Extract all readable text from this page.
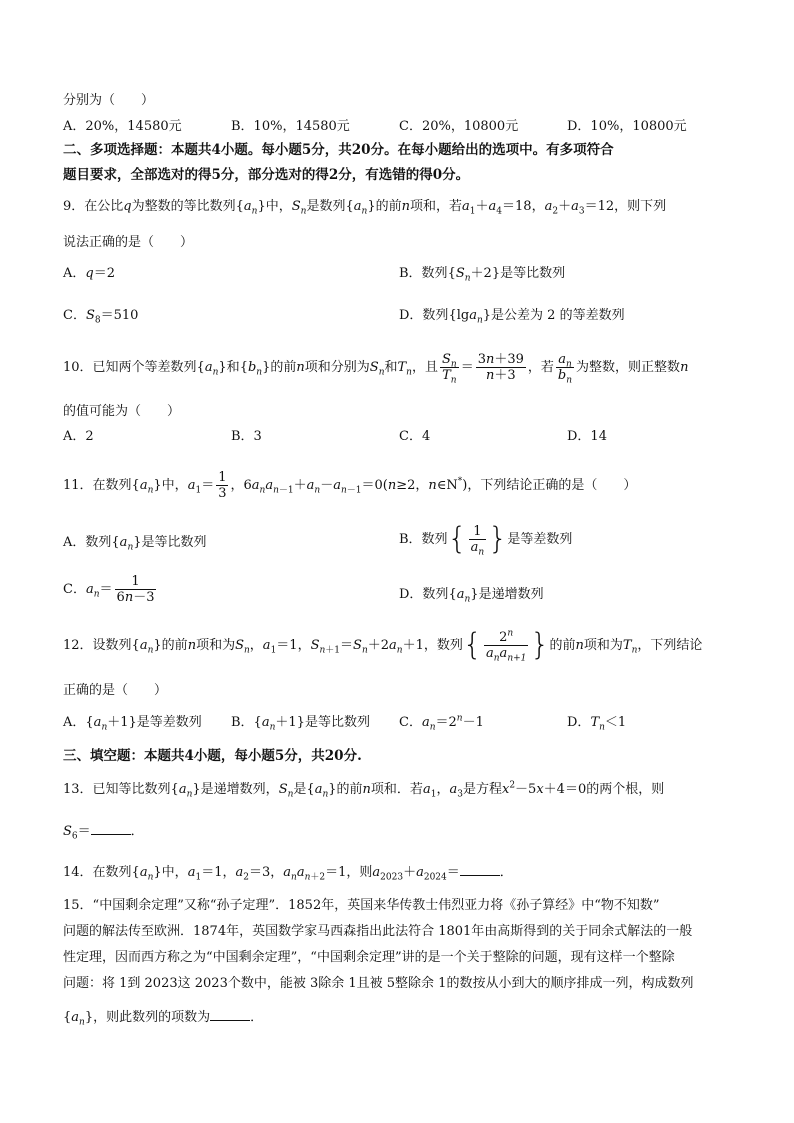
分别为（　　）
A．20%，14580元	B．10%，14580元	C．20%，10800元	D．10%，10800元
二、多项选择题：本题共4小题。每小题5分，共20分。在每小题给出的选项中。有多项符合
题目要求，全部选对的得5分，部分选对的得2分，有选错的得0分。
9．在公比q为整数的等比数列$\{a_n\}$中，$S_n$是数列$\{a_n\}$的前n项和，若$a_1+a_4=18$，$a_2+a_3=12$，则下列
说法正确的是（　　）
A．q＝2	B．数列$\{S_n+2\}$是等比数列
C．$S_8=510$	D．数列{lga$_n$}是公差为 2 的等差数列
10．已知两个等差数列$\{a_n\}$和$\{b_n\}$的前n项和分别为$S_n$和$T_n$，且 $\frac{S_n}{T_n} = \frac{3n+39}{n+3}$ ，若 $\frac{a_n}{b_n}$ 为整数，则正整数n
的值可能为（　　）
A．2	B．3	C．4	D．14
11．在数列$\{a_n\}$中，$a_1= \frac{1}{3}$ ，$6a_na_{n-1}+a_n-a_{n-1}=0(n\ge 2$，n∈N*)，下列结论正确的是（　　）
A．数列$\{a_n\}$是等比数列	B．数列{ $\frac{1}{a_n}$ }是等差数列
C．$a_n= \frac{1}{6n-3}$	D．数列$\{a_n\}$是递增数列
12．设数列$\{a_n\}$的前n项和为$S_n$，$a_1=1$，$S_{n+1}=S_n+2a_n+1$，数列{ $\frac{2^n}{a_na_{n+1}}$ }的前n项和为$T_n$，下列结论
正确的是（　　）
A．$\{a_n+1\}$是等差数列 B．$\{a_n+1\}$是等比数列 C．$a_n=2^n-1$	D．$T_n<1$
三、填空题：本题共4小题，每小题5分，共20分.
13．已知等比数列$\{a_n\}$是递增数列，$S_n$是$\{a_n\}$的前n项和．若$a_1$，$a_3$是方程$x^2-5x+4=0$的两个根，则
$S_6=$	．
14．在数列$\{a_n\}$中，$a_1=1$，$a_2=3$，$a_na_{n+2}=1$，则$a_{2023}+a_{2024}=$	．
15．“中国剩余定理”又称“孙子定理”．1852年，英国来华传教士伟烈亚力将《孙子算经》中“物不知数”
问题的解法传至欧洲．1874年，英国数学家马西森指出此法符合 1801年由高斯得到的关于同余式解法的一般
性定理，因而西方称之为“中国剩余定理”，“中国剩余定理”讲的是一个关于整除的问题，现有这样一个整除
问题：将 1到 2023这 2023个数中，能被 3除余 1且被 5整除余 1的数按从小到大的顺序排成一列，构成数列
$\{a_n\}$，则此数列的项数为	．
